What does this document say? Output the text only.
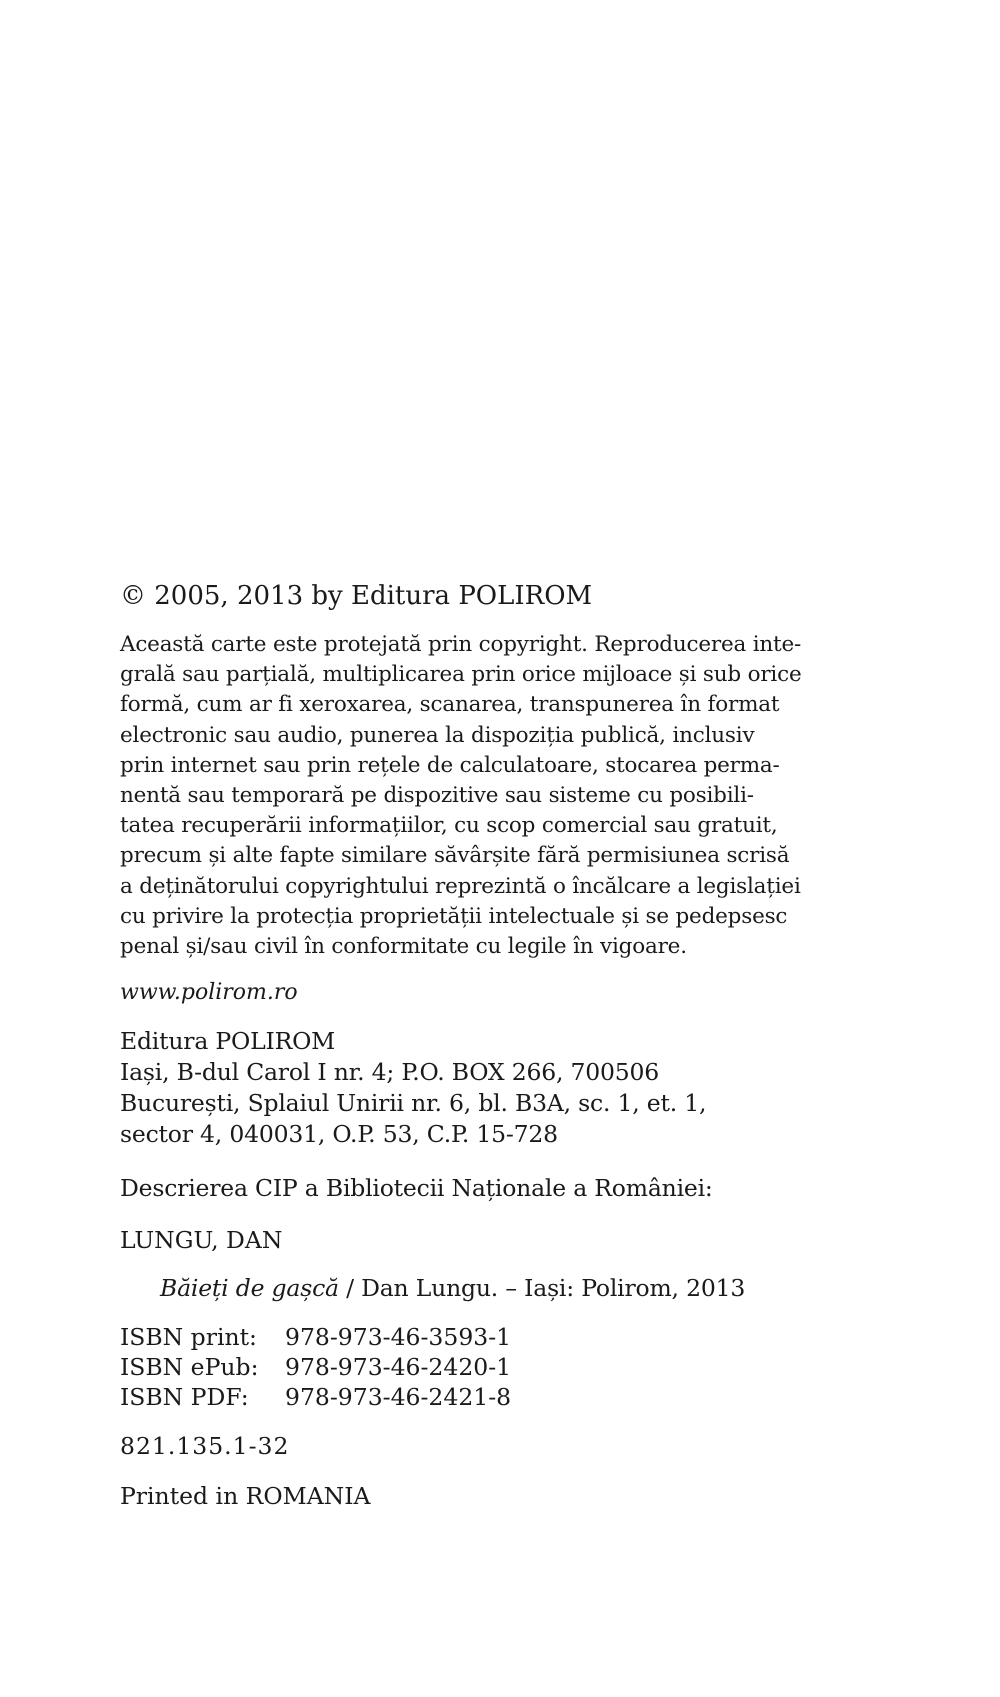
© 2005, 2013 by Editura POLIROM
Această carte este protejată prin copyright. Reproducerea inte-
grală sau parțială, multiplicarea prin orice mijloace și sub orice
formă, cum ar fi xeroxarea, scanarea, transpunerea în format
electronic sau audio, punerea la dispoziția publică, inclusiv
prin internet sau prin rețele de calculatoare, stocarea perma-
nentă sau temporară pe dispozitive sau sisteme cu posibili-
tatea recuperării informațiilor, cu scop comercial sau gratuit,
precum și alte fapte similare săvârșite fără permisiunea scrisă
a deținătorului copyrightului reprezintă o încălcare a legislației
cu privire la protecția proprietății intelectuale și se pedepsesc
penal și/sau civil în conformitate cu legile în vigoare.
www.polirom.ro
Editura POLIROM
Iași, B-dul Carol I nr. 4; P.O. BOX 266, 700506
București, Splaiul Unirii nr. 6, bl. B3A, sc. 1, et. 1,
sector 4, 040031, O.P. 53, C.P. 15-728
Descrierea CIP a Bibliotecii Naționale a României:
LUNGU, DAN
Băieți de gașcă / Dan Lungu. – Iași: Polirom, 2013
ISBN print:	978-973-46-3593-1
ISBN ePub:	978-973-46-2420-1
ISBN PDF:	978-973-46-2421-8
821.135.1-32
Printed in ROMANIA
